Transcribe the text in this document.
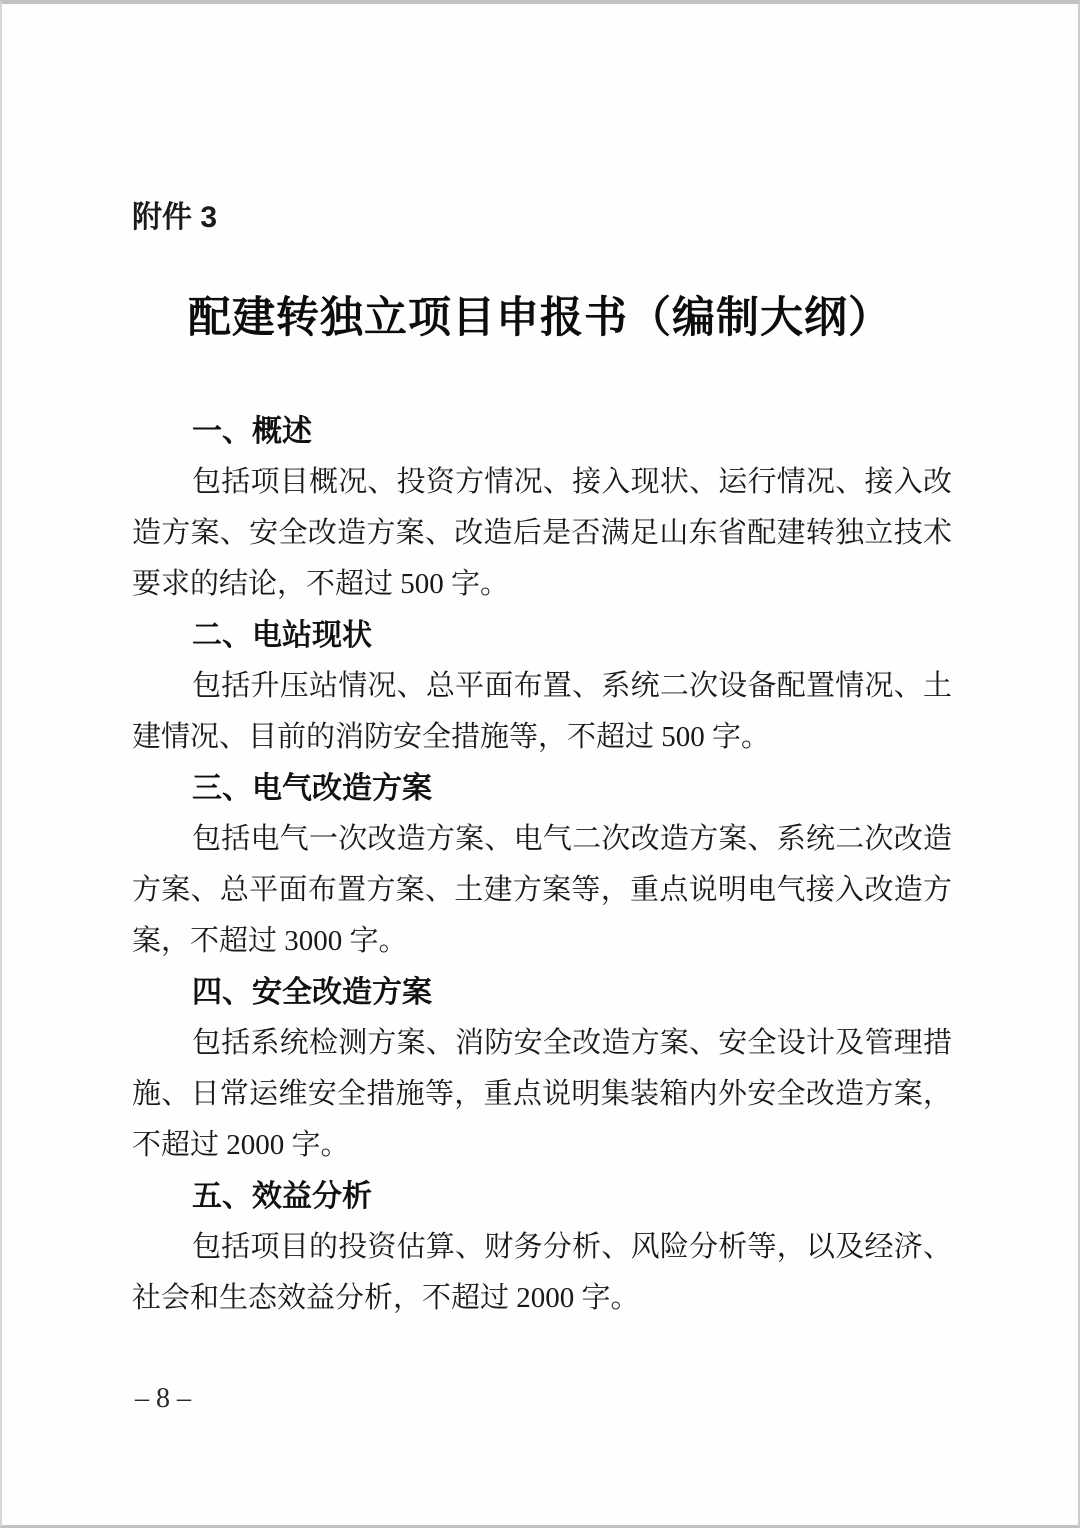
附件 3
配建转独立项目申报书（编制大纲）
一、概述

包括项目概况、投资方情况、接入现状、运行情况、接入改造方案、安全改造方案、改造后是否满足山东省配建转独立技术要求的结论，不超过 500 字。

二、电站现状

包括升压站情况、总平面布置、系统二次设备配置情况、土建情况、目前的消防安全措施等，不超过 500 字。

三、电气改造方案

包括电气一次改造方案、电气二次改造方案、系统二次改造方案、总平面布置方案、土建方案等，重点说明电气接入改造方案，不超过 3000 字。

四、安全改造方案

包括系统检测方案、消防安全改造方案、安全设计及管理措施、日常运维安全措施等，重点说明集装箱内外安全改造方案，不超过 2000 字。

五、效益分析

包括项目的投资估算、财务分析、风险分析等，以及经济、社会和生态效益分析，不超过 2000 字。

– 8 –
